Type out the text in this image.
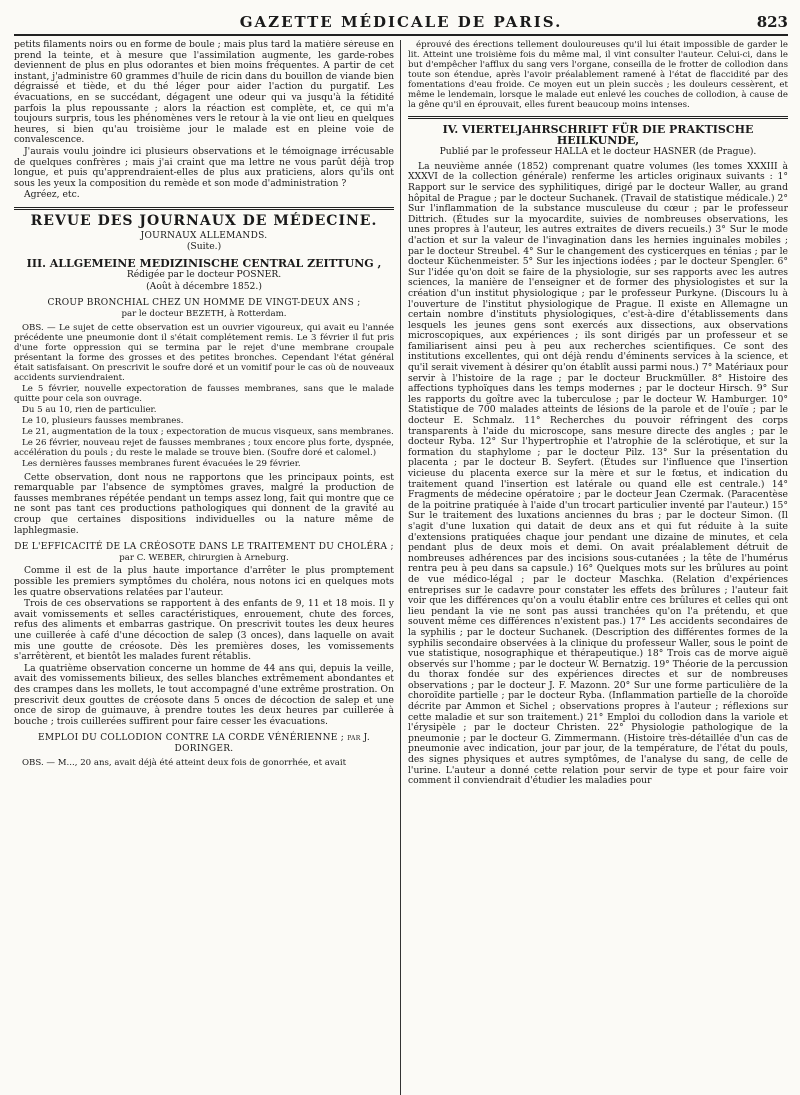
GAZETTE MÉDICALE DE PARIS.	823

petits filaments noirs ou en forme de boule ; mais plus tard la matière séreuse en prend la teinte, et à mesure que l'assimilation augmente, les garde-robes deviennent de plus en plus odorantes et bien moins fréquentes. A partir de cet instant, j'administre 60 grammes d'huile de ricin dans du bouillon de viande bien dégraissé et tiède, et du thé léger pour aider l'action du purgatif. Les évacuations, en se succédant, dégagent une odeur qui va jusqu'à la fétidité parfois la plus repoussante ; alors la réaction est complète, et, ce qui m'a toujours surpris, tous les phénomènes vers le retour à la vie ont lieu en quelques heures, si bien qu'au troisième jour le malade est en pleine voie de convalescence.

J'aurais voulu joindre ici plusieurs observations et le témoignage irrécusable de quelques confrères ; mais j'ai craint que ma lettre ne vous parût déjà trop longue, et puis qu'apprendraient-elles de plus aux praticiens, alors qu'ils ont sous les yeux la composition du remède et son mode d'administration ?

Agréez, etc.

REVUE DES JOURNAUX DE MÉDECINE.

JOURNAUX ALLEMANDS.

(Suite.)

III. ALLGEMEINE MEDIZINISCHE CENTRAL ZEITTUNG ,

Rédigée par le docteur POSNER.

(Août à décembre 1852.)

CROUP BRONCHIAL CHEZ UN HOMME DE VINGT-DEUX ANS ;
par le docteur BEZETH, à Rotterdam.

OBS. — Le sujet de cette observation est un ouvrier vigoureux, qui avait eu l'année précédente une pneumonie dont il s'était complétement remis. Le 3 février il fut pris d'une forte oppression qui se termina par le rejet d'une membrane croupale présentant la forme des grosses et des petites bronches. Cependant l'état général était satisfaisant. On prescrivit le soufre doré et un vomitif pour le cas où de nouveaux accidents surviendraient.

Le 5 février, nouvelle expectoration de fausses membranes, sans que le malade quitte pour cela son ouvrage.

Du 5 au 10, rien de particulier.

Le 10, plusieurs fausses membranes.

Le 21, augmentation de la toux ; expectoration de mucus visqueux, sans membranes.

Le 26 février, nouveau rejet de fausses membranes ; toux encore plus forte, dyspnée, accélération du pouls ; du reste le malade se trouve bien. (Soufre doré et calomel.)

Les dernières fausses membranes furent évacuées le 29 février.

Cette observation, dont nous ne rapportons que les principaux points, est remarquable par l'absence de symptômes graves, malgré la production de fausses membranes répétée pendant un temps assez long, fait qui montre que ce ne sont pas tant ces productions pathologiques qui donnent de la gravité au croup que certaines dispositions individuelles ou la nature même de laphlegmasie.

DE L'EFFICACITÉ DE LA CRÉOSOTE DANS LE TRAITEMENT DU CHOLÉRA ;
par C. WEBER, chirurgien à Arneburg.

Comme il est de la plus haute importance d'arrêter le plus promptement possible les premiers symptômes du choléra, nous notons ici en quelques mots les quatre observations relatées par l'auteur.

Trois de ces observations se rapportent à des enfants de 9, 11 et 18 mois. Il y avait vomissements et selles caractéristiques, enrouement, chute des forces, refus des aliments et embarras gastrique. On prescrivit toutes les deux heures une cuillerée à café d'une décoction de salep (3 onces), dans laquelle on avait mis une goutte de créosote. Dès les premières doses, les vomissements s'arrêtèrent, et bientôt les malades furent rétablis.

La quatrième observation concerne un homme de 44 ans qui, depuis la veille, avait des vomissements bilieux, des selles blanches extrêmement abondantes et des crampes dans les mollets, le tout accompagné d'une extrême prostration. On prescrivit deux gouttes de créosote dans 5 onces de décoction de salep et une once de sirop de guimauve, à prendre toutes les deux heures par cuillerée à bouche ; trois cuillerées suffirent pour faire cesser les évacuations.

EMPLOI DU COLLODION CONTRE LA CORDE VÉNÉRIENNE ; par J. DORINGER.

OBS. — M..., 20 ans, avait déjà été atteint deux fois de gonorrhée, et avait

éprouvé des érections tellement douloureuses qu'il lui était impossible de garder le lit. Atteint une troisième fois du même mal, il vint consulter l'auteur. Celui-ci, dans le but d'empêcher l'afflux du sang vers l'organe, conseilla de le frotter de collodion dans toute son étendue, après l'avoir préalablement ramené à l'état de flaccidité par des fomentations d'eau froide. Ce moyen eut un plein succès ; les douleurs cessèrent, et même le lendemain, lorsque le malade eut enlevé les couches de collodion, à cause de la gêne qu'il en éprouvait, elles furent beaucoup moins intenses.

IV. VIERTELJAHRSCHRIFT FÜR DIE PRAKTISCHE
HEILKUNDE,

Publié par le professeur HALLA et le docteur HASNER (de Prague).

La neuvième année (1852) comprenant quatre volumes (les tomes XXXIII à XXXVI de la collection générale) renferme les articles originaux suivants : 1° Rapport sur le service des syphilitiques, dirigé par le docteur Waller, au grand hôpital de Prague ; par le docteur Suchanek. (Travail de statistique médicale.) 2° Sur l'inflammation de la substance musculeuse du cœur ; par le professeur Dittrich. (Études sur la myocardite, suivies de nombreuses observations, les unes propres à l'auteur, les autres extraites de divers recueils.) 3° Sur le mode d'action et sur la valeur de l'invagination dans les hernies inguinales mobiles ; par le docteur Streubel. 4° Sur le changement des cysticerques en ténias ; par le docteur Küchenmeister. 5° Sur les injections iodées ; par le docteur Spengler. 6° Sur l'idée qu'on doit se faire de la physiologie, sur ses rapports avec les autres sciences, la manière de l'enseigner et de former des physiologistes et sur la création d'un institut physiologique ; par le professeur Purkyne. (Discours lu à l'ouverture de l'institut physiologique de Prague. Il existe en Allemagne un certain nombre d'instituts physiologiques, c'est-à-dire d'établissements dans lesquels les jeunes gens sont exercés aux dissections, aux observations microscopiques, aux expériences ; ils sont dirigés par un professeur et se familiarisent ainsi peu à peu aux recherches scientifiques. Ce sont des institutions excellentes, qui ont déjà rendu d'éminents services à la science, et qu'il serait vivement à désirer qu'on établît aussi parmi nous.) 7° Matériaux pour servir à l'histoire de la rage ; par le docteur Bruckmüller. 8° Histoire des affections typhoïques dans les temps modernes ; par le docteur Hirsch. 9° Sur les rapports du goître avec la tuberculose ; par le docteur W. Hamburger. 10° Statistique de 700 malades atteints de lésions de la parole et de l'ouïe ; par le docteur E. Schmalz. 11° Recherches du pouvoir réfringent des corps transparents à l'aide du microscope, sans mesure directe des angles ; par le docteur Ryba. 12° Sur l'hypertrophie et l'atrophie de la sclérotique, et sur la formation du staphylome ; par le docteur Pilz. 13° Sur la présentation du placenta ; par le docteur B. Seyfert. (Études sur l'influence que l'insertion vicieuse du placenta exerce sur la mère et sur le fœtus, et indication du traitement quand l'insertion est latérale ou quand elle est centrale.) 14° Fragments de médecine opératoire ; par le docteur Jean Czermak. (Paracentèse de la poitrine pratiquée à l'aide d'un trocart particulier inventé par l'auteur.) 15° Sur le traitement des luxations anciennes du bras ; par le docteur Simon. (Il s'agit d'une luxation qui datait de deux ans et qui fut réduite à la suite d'extensions pratiquées chaque jour pendant une dizaine de minutes, et cela pendant plus de deux mois et demi. On avait préalablement détruit de nombreuses adhérences par des incisions sous-cutanées ; la tête de l'humérus rentra peu à peu dans sa capsule.) 16° Quelques mots sur les brûlures au point de vue médico-légal ; par le docteur Maschka. (Relation d'expériences entreprises sur le cadavre pour constater les effets des brûlures ; l'auteur fait voir que les différences qu'on a voulu établir entre ces brûlures et celles qui ont lieu pendant la vie ne sont pas aussi tranchées qu'on l'a prétendu, et que souvent même ces différences n'existent pas.) 17° Les accidents secondaires de la syphilis ; par le docteur Suchanek. (Description des différentes formes de la syphilis secondaire observées à la clinique du professeur Waller, sous le point de vue statistique, nosographique et thérapeutique.) 18° Trois cas de morve aiguë observés sur l'homme ; par le docteur W. Bernatzig. 19° Théorie de la percussion du thorax fondée sur des expériences directes et sur de nombreuses observations ; par le docteur J. F. Mazonn. 20° Sur une forme particulière de la choroïdite partielle ; par le docteur Ryba. (Inflammation partielle de la choroïde décrite par Ammon et Sichel ; observations propres à l'auteur ; réflexions sur cette maladie et sur son traitement.) 21° Emploi du collodion dans la variole et l'érysipèle ; par le docteur Christen. 22° Physiologie pathologique de la pneumonie ; par le docteur G. Zimmermann. (Histoire très-détaillée d'un cas de pneumonie avec indication, jour par jour, de la température, de l'état du pouls, des signes physiques et autres symptômes, de l'analyse du sang, de celle de l'urine. L'auteur a donné cette relation pour servir de type et pour faire voir comment il conviendrait d'étudier les maladies pour
